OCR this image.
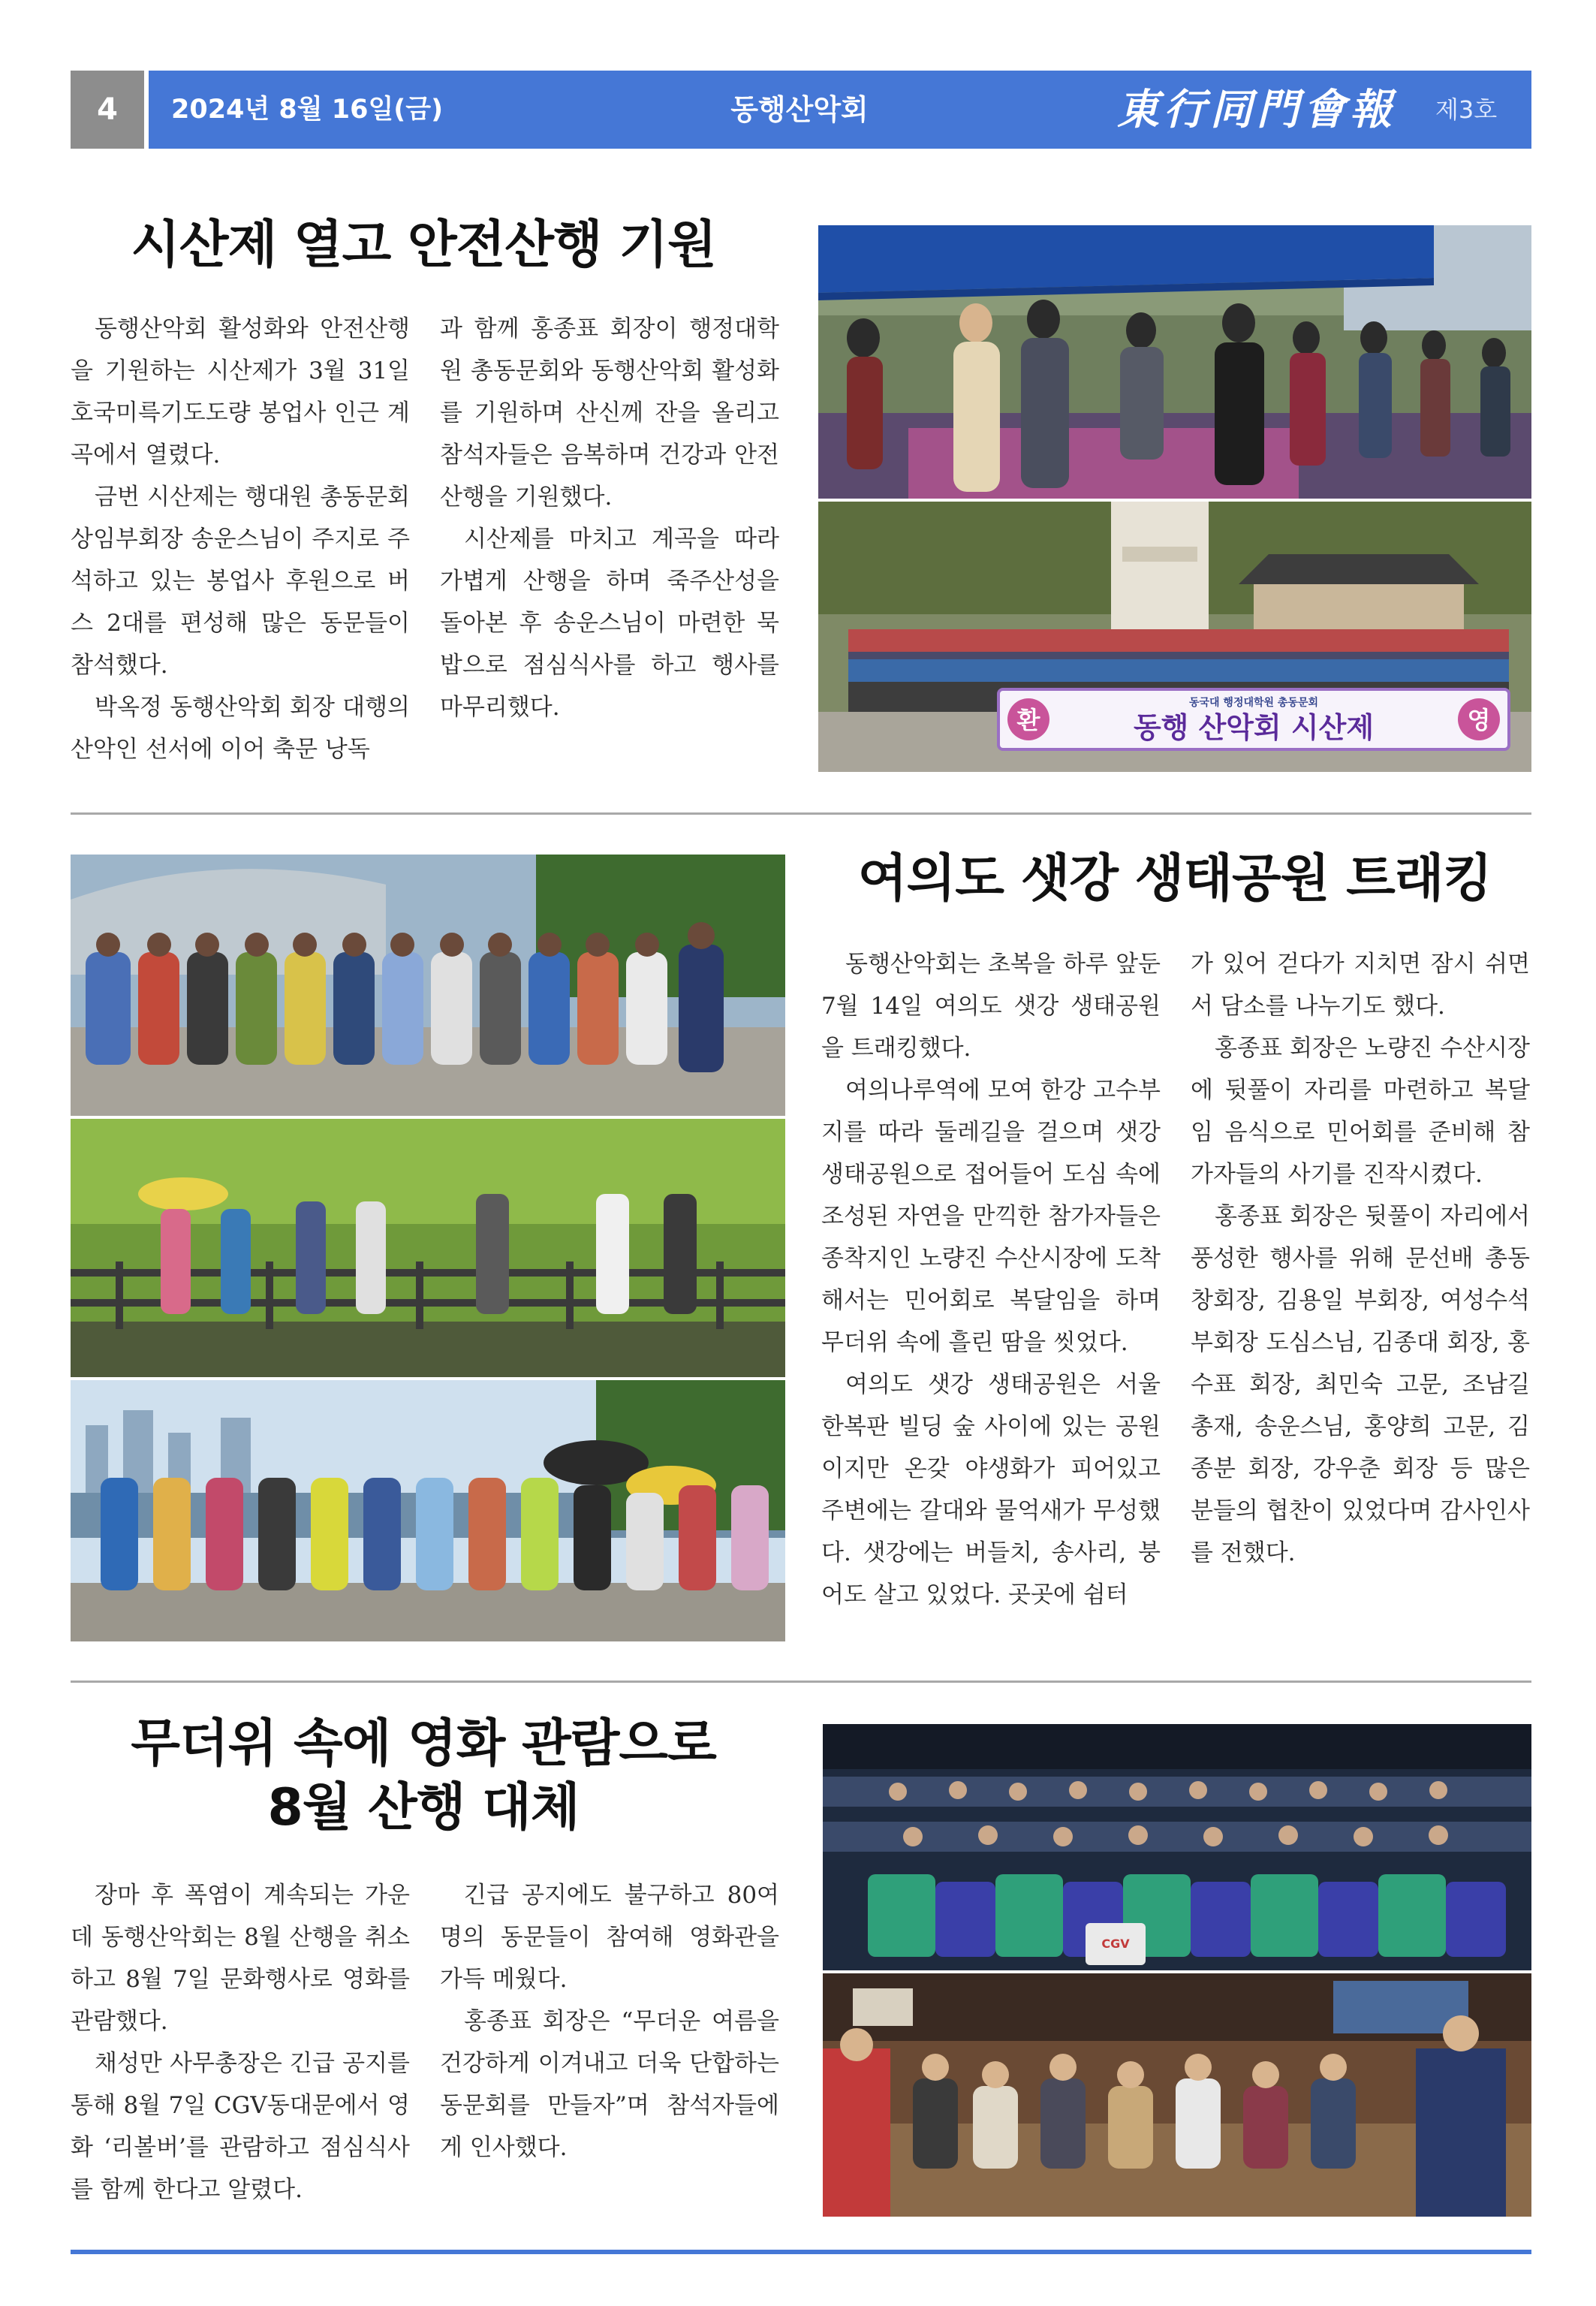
4	2024년 8월 16일(금)	동행산악회	東行同門會報 제3호
시산제 열고 안전산행 기원

동행산악회 활성화와 안전산행을 기원하는 시산제가 3월 31일 호국미륵기도도량 봉업사 인근 계곡에서 열렸다.

금번 시산제는 행대원 총동문회 상임부회장 송운스님이 주지로 주석하고 있는 봉업사 후원으로 버스 2대를 편성해 많은 동문들이 참석했다.

박옥정 동행산악회 회장 대행의 산악인 선서에 이어 축문 낭독

과 함께 홍종표 회장이 행정대학원 총동문회와 동행산악회 활성화를 기원하며 산신께 잔을 올리고 참석자들은 음복하며 건강과 안전산행을 기원했다.

시산제를 마치고 계곡을 따라 가볍게 산행을 하며 죽주산성을 돌아본 후 송운스님이 마련한 묵밥으로 점심식사를 하고 행사를 마무리했다.	환	영
동국대 행정대학원 총동문회
동행 산악회 시산제
여의도 샛강 생태공원 트래킹

동행산악회는 초복을 하루 앞둔 7월 14일 여의도 샛강 생태공원을 트래킹했다.

여의나루역에 모여 한강 고수부지를 따라 둘레길을 걸으며 샛강 생태공원으로 접어들어 도심 속에 조성된 자연을 만끽한 참가자들은 종착지인 노량진 수산시장에 도착해서는 민어회로 복달임을 하며 무더위 속에 흘린 땀을 씻었다.

여의도 샛강 생태공원은 서울 한복판 빌딩 숲 사이에 있는 공원이지만 온갖 야생화가 피어있고 주변에는 갈대와 물억새가 무성했다. 샛강에는 버들치, 송사리, 붕어도 살고 있었다. 곳곳에 쉼터

가 있어 걷다가 지치면 잠시 쉬면서 담소를 나누기도 했다.

홍종표 회장은 노량진 수산시장에 뒷풀이 자리를 마련하고 복달임 음식으로 민어회를 준비해 참가자들의 사기를 진작시켰다.

홍종표 회장은 뒷풀이 자리에서 풍성한 행사를 위해 문선배 총동창회장, 김용일 부회장, 여성수석부회장 도심스님, 김종대 회장, 홍수표 회장, 최민숙 고문, 조남길 총재, 송운스님, 홍양희 고문, 김종분 회장, 강우춘 회장 등 많은 분들의 협찬이 있었다며 감사인사를 전했다.

무더위 속에 영화 관람으로
8월 산행 대체

장마 후 폭염이 계속되는 가운데 동행산악회는 8월 산행을 취소하고 8월 7일 문화행사로 영화를 관람했다.

채성만 사무총장은 긴급 공지를 통해 8월 7일 CGV동대문에서 영화 ‘리볼버’를 관람하고 점심식사를 함께 한다고 알렸다.

긴급 공지에도 불구하고 80여 명의 동문들이 참여해 영화관을 가득 메웠다.

홍종표 회장은 “무더운 여름을 건강하게 이겨내고 더욱 단합하는 동문회를 만들자”며 참석자들에게 인사했다.

CGV
